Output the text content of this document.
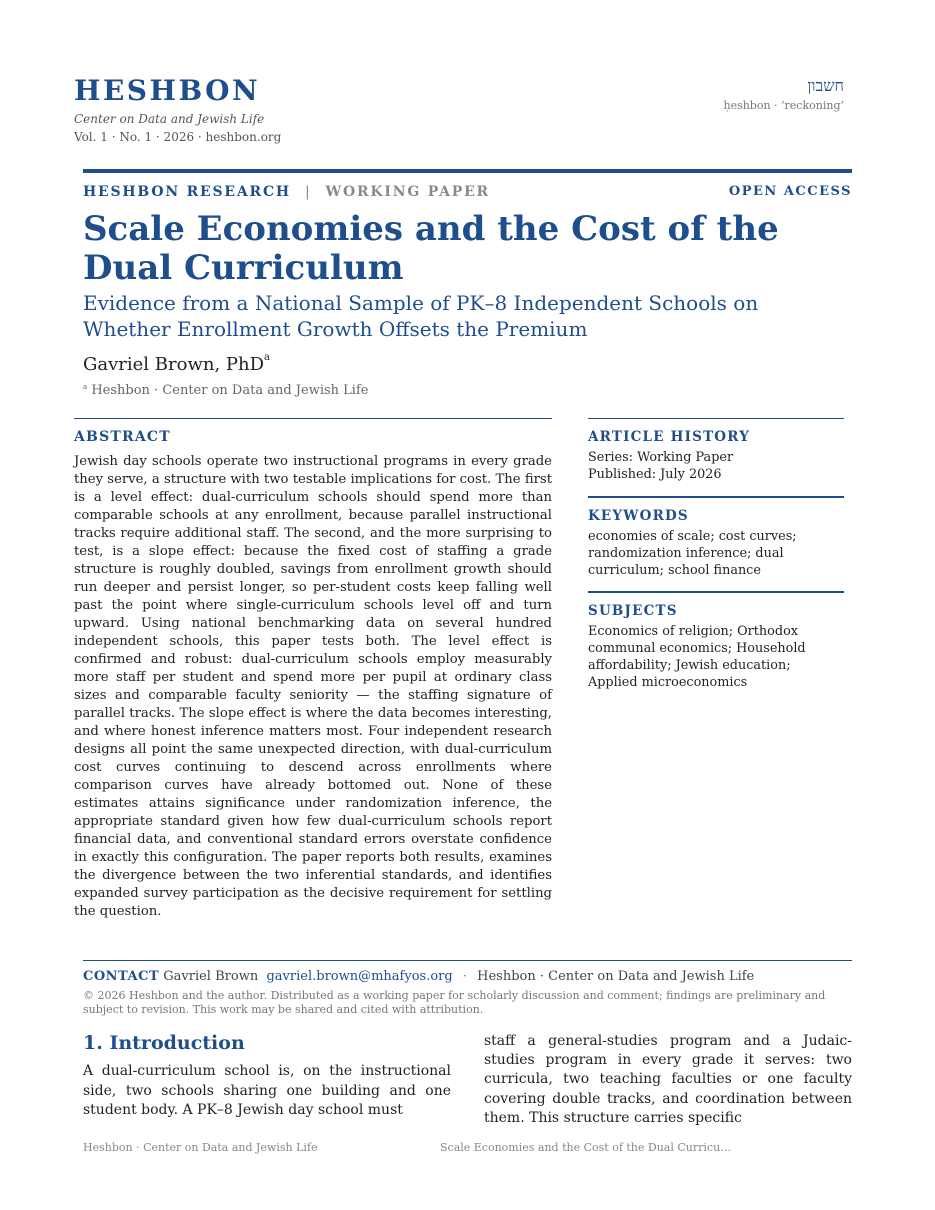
HESHBON
Center on Data and Jewish Life
Vol. 1 · No. 1 · 2026 · heshbon.org
חשבון
ḥeshbon · ‘reckoning’
HESHBON RESEARCH | WORKING PAPER	OPEN ACCESS
Scale Economies and the Cost of the Dual Curriculum
Evidence from a National Sample of PK–8 Independent Schools on Whether Enrollment Growth Offsets the Premium
Gavriel Brown, PhD$^a$
$^a$ Heshbon · Center on Data and Jewish Life
ABSTRACT

Jewish day schools operate two instructional programs in every grade they serve, a structure with two testable implications for cost. The first is a level effect: dual-curriculum schools should spend more than comparable schools at any enrollment, because parallel instructional tracks require additional staff. The second, and the more surprising to test, is a slope effect: because the fixed cost of staffing a grade structure is roughly doubled, savings from enrollment growth should run deeper and persist longer, so per-student costs keep falling well past the point where single-curriculum schools level off and turn upward. Using national benchmarking data on several hundred independent schools, this paper tests both. The level effect is confirmed and robust: dual-curriculum schools employ measurably more staff per student and spend more per pupil at ordinary class sizes and comparable faculty seniority — the staffing signature of parallel tracks. The slope effect is where the data becomes interesting, and where honest inference matters most. Four independent research designs all point the same unexpected direction, with dual-curriculum cost curves continuing to descend across enrollments where comparison curves have already bottomed out. None of these estimates attains significance under randomization inference, the appropriate standard given how few dual-curriculum schools report financial data, and conventional standard errors overstate confidence in exactly this configuration. The paper reports both results, examines the divergence between the two inferential standards, and identifies expanded survey participation as the decisive requirement for settling the question.

ARTICLE HISTORY

Series: Working Paper

Published: July 2026

KEYWORDS

economies of scale; cost curves; randomization inference; dual curriculum; school finance

SUBJECTS

Economics of religion; Orthodox communal economics; Household affordability; Jewish education; Applied microeconomics

CONTACT Gavriel Brown gavriel.brown@mhafyos.org · Heshbon · Center on Data and Jewish Life

© 2026 Heshbon and the author. Distributed as a working paper for scholarly discussion and comment; findings are preliminary and subject to revision. This work may be shared and cited with attribution.

1. Introduction

A dual-curriculum school is, on the instructional side, two schools sharing one building and one student body. A PK–8 Jewish day school must

staff a general-studies program and a Judaic-studies program in every grade it serves: two curricula, two teaching faculties or one faculty covering double tracks, and coordination between them. This structure carries specific

Heshbon · Center on Data and Jewish Life	Scale Economies and the Cost of the Dual Curricu…
